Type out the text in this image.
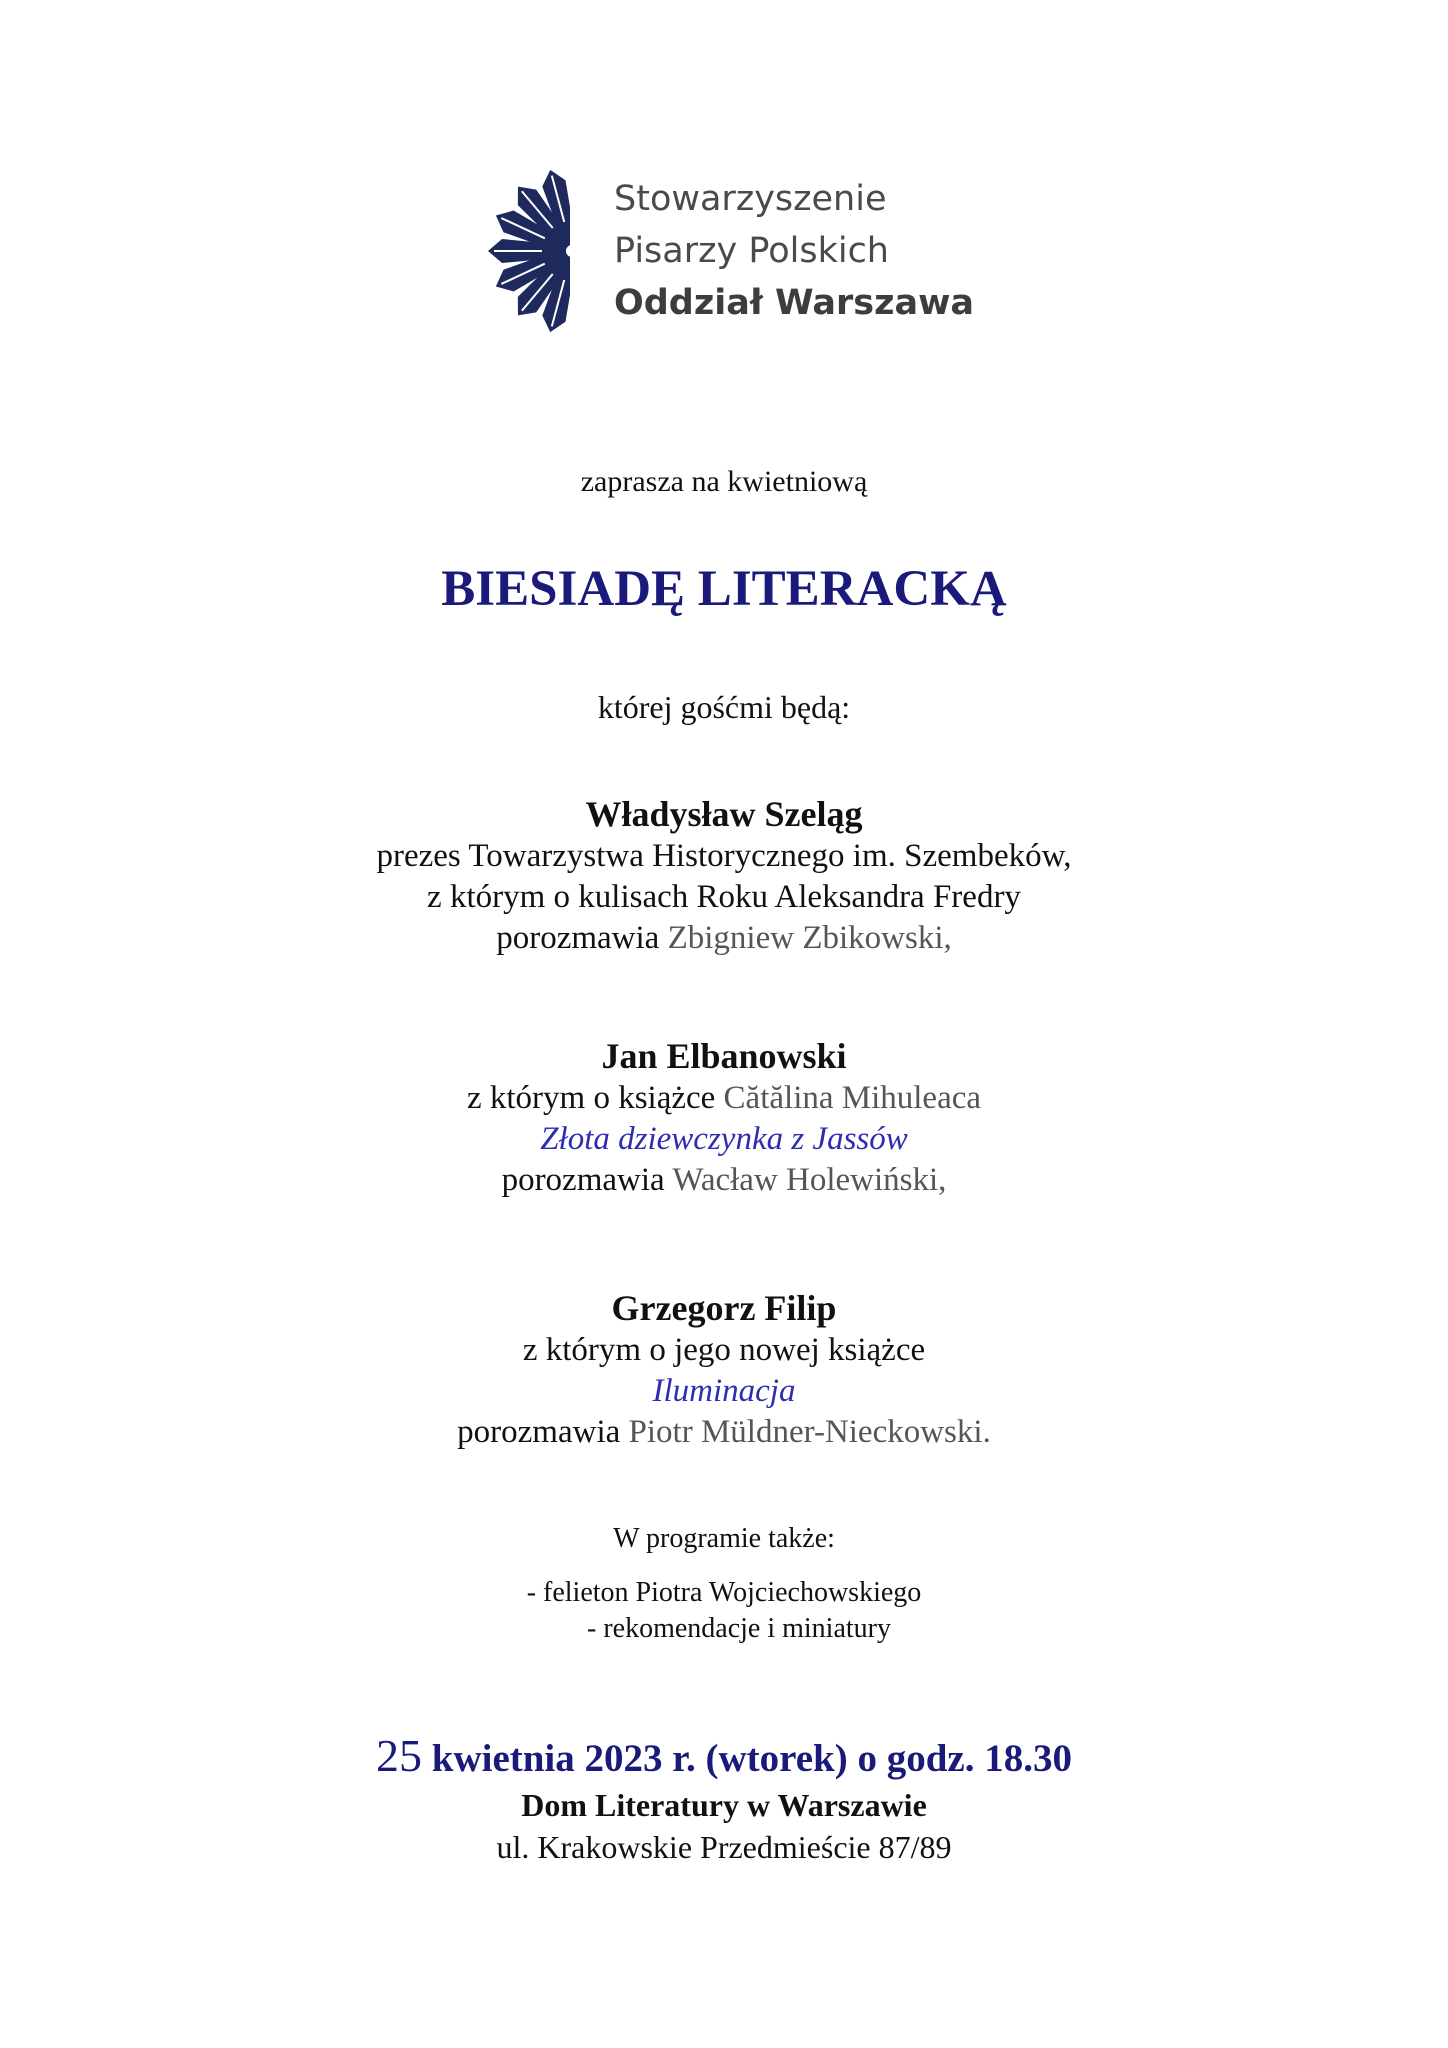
Stowarzyszenie
Pisarzy Polskich
Oddział Warszawa
zaprasza na kwietniową
BIESIADĘ LITERACKĄ
której gośćmi będą:
Władysław Szeląg
prezes Towarzystwa Historycznego im. Szembeków,
z którym o kulisach Roku Aleksandra Fredry
porozmawia Zbigniew Zbikowski,
Jan Elbanowski
z którym o książce Cătălina Mihuleaca
Złota dziewczynka z Jassów
porozmawia Wacław Holewiński,
Grzegorz Filip
z którym o jego nowej książce
Iluminacja
porozmawia Piotr Müldner-Nieckowski.
W programie także:
- felieton Piotra Wojciechowskiego
- rekomendacje i miniatury
25 kwietnia 2023 r. (wtorek) o godz. 18.30
Dom Literatury w Warszawie
ul. Krakowskie Przedmieście 87/89
